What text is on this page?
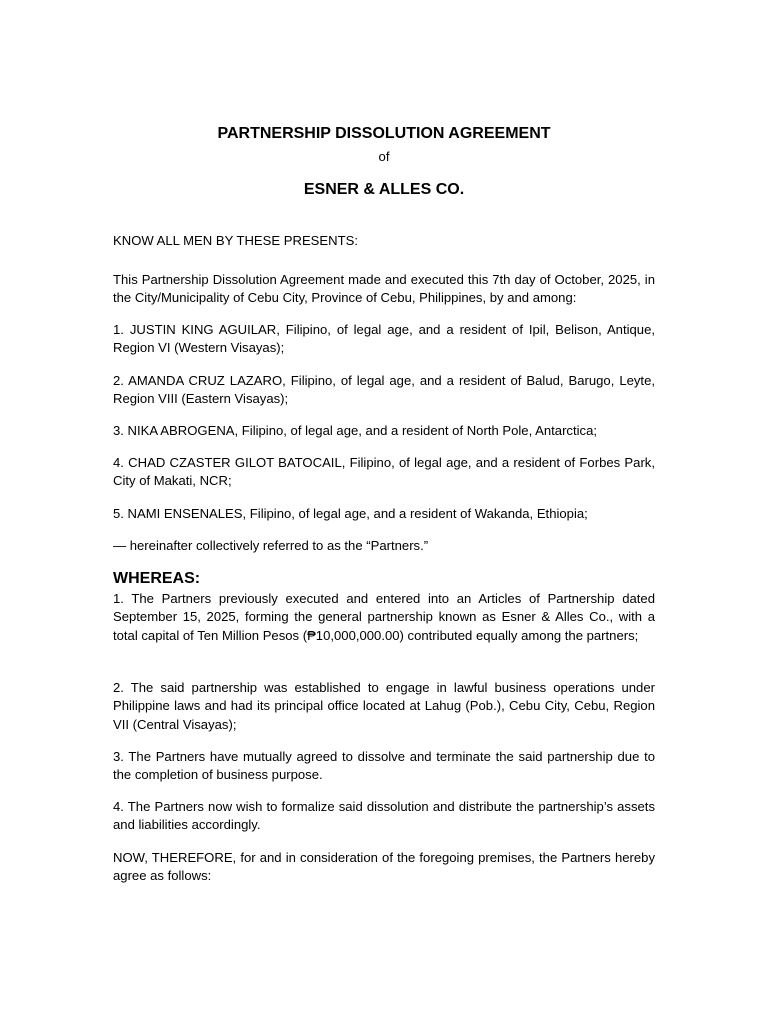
PARTNERSHIP DISSOLUTION AGREEMENT
of
ESNER & ALLES CO.

KNOW ALL MEN BY THESE PRESENTS:

This Partnership Dissolution Agreement made and executed this 7th day of October, 2025, in the City/Municipality of Cebu City, Province of Cebu, Philippines, by and among:

1. JUSTIN KING AGUILAR, Filipino, of legal age, and a resident of Ipil, Belison, Antique, Region VI (Western Visayas);

2. AMANDA CRUZ LAZARO, Filipino, of legal age, and a resident of Balud, Barugo, Leyte, Region VIII (Eastern Visayas);

3. NIKA ABROGENA, Filipino, of legal age, and a resident of North Pole, Antarctica;

4. CHAD CZASTER GILOT BATOCAIL, Filipino, of legal age, and a resident of Forbes Park, City of Makati, NCR;

5. NAMI ENSENALES, Filipino, of legal age, and a resident of Wakanda, Ethiopia;

— hereinafter collectively referred to as the “Partners.”

WHEREAS:

1. The Partners previously executed and entered into an Articles of Partnership dated September 15, 2025, forming the general partnership known as Esner & Alles Co., with a total capital of Ten Million Pesos (₱10,000,000.00) contributed equally among the partners;

2. The said partnership was established to engage in lawful business operations under Philippine laws and had its principal office located at Lahug (Pob.), Cebu City, Cebu, Region VII (Central Visayas);

3. The Partners have mutually agreed to dissolve and terminate the said partnership due to the completion of business purpose.

4. The Partners now wish to formalize said dissolution and distribute the partnership’s assets and liabilities accordingly.

NOW, THEREFORE, for and in consideration of the foregoing premises, the Partners hereby agree as follows:
